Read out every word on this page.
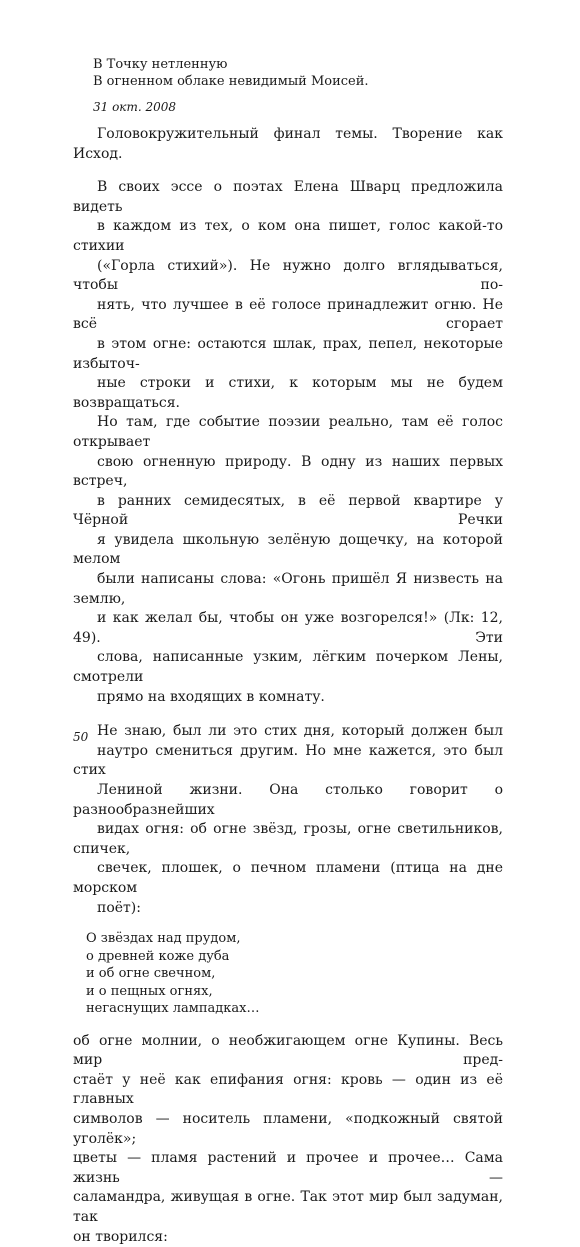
В Точку нетленную
В огненном облаке невидимый Моисей.
31 окт. 2008

Головокружительный финал темы. Творение как Исход.

В своих эссе о поэтах Елена Шварц предложила видеть
в каждом из тех, о ком она пишет, голос какой-то стихии
(«Горла стихий»). Не нужно долго вглядываться, чтобы по-
нять, что лучшее в её голосе принадлежит огню. Не всё сгорает
в этом огне: остаются шлак, прах, пепел, некоторые избыточ-
ные строки и стихи, к которым мы не будем возвращаться.
Но там, где событие поэзии реально, там её голос открывает
свою огненную природу. В одну из наших первых встреч,
в ранних семидесятых, в её первой квартире у Чёрной Речки
я увидела школьную зелёную дощечку, на которой мелом
были написаны слова: «Огонь пришёл Я низвесть на землю,
и как желал бы, чтобы он уже возгорелся!» (Лк: 12, 49). Эти
слова, написанные узким, лёгким почерком Лены, смотрели
прямо на входящих в комнату.

Не знаю, был ли это стих дня, который должен был
наутро смениться другим. Но мне кажется, это был стих
Лениной жизни. Она столько говорит о разнообразнейших
видах огня: об огне звёзд, грозы, огне светильников, спичек,
свечек, плошек, о печном пламени (птица на дне морском
поёт):

О звёздах над прудом,
о древней коже дуба
и об огне свечном,
и о пещных огнях,
негаснущих лампадках…

об огне молнии, о необжигающем огне Купины. Весь мир пред-
стаёт у неё как епифания огня: кровь — один из её главных
символов — носитель пламени, «подкожный святой уголёк»;
цветы — пламя растений и прочее и прочее… Сама жизнь —
саламандра, живущая в огне. Так этот мир был задуман, так
он творился:

50
